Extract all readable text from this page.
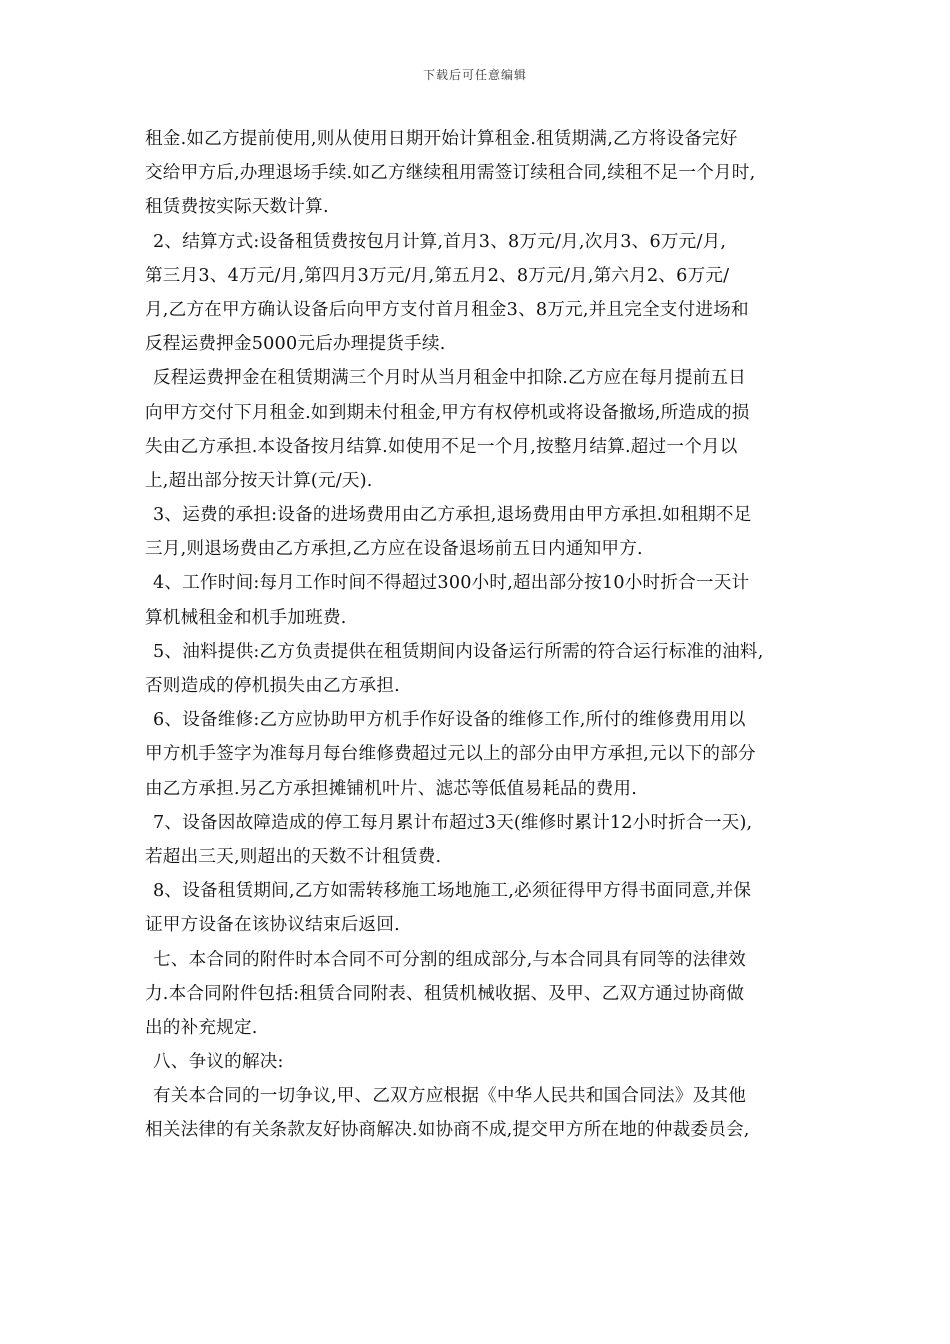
下载后可任意编辑
租金.如乙方提前使用,则从使用日期开始计算租金.租赁期满,乙方将设备完好
交给甲方后,办理退场手续.如乙方继续租用需签订续租合同,续租不足一个月时,
租赁费按实际天数计算.
2、结算方式:设备租赁费按包月计算,首月3、8万元/月,次月3、6万元/月,
第三月3、4万元/月,第四月3万元/月,第五月2、8万元/月,第六月2、6万元/
月,乙方在甲方确认设备后向甲方支付首月租金3、8万元,并且完全支付进场和
反程运费押金5000元后办理提货手续.
反程运费押金在租赁期满三个月时从当月租金中扣除.乙方应在每月提前五日
向甲方交付下月租金.如到期未付租金,甲方有权停机或将设备撤场,所造成的损
失由乙方承担.本设备按月结算.如使用不足一个月,按整月结算.超过一个月以
上,超出部分按天计算(元/天).
3、运费的承担:设备的进场费用由乙方承担,退场费用由甲方承担.如租期不足
三月,则退场费由乙方承担,乙方应在设备退场前五日内通知甲方.
4、工作时间:每月工作时间不得超过300小时,超出部分按10小时折合一天计
算机械租金和机手加班费.
5、油料提供:乙方负责提供在租赁期间内设备运行所需的符合运行标准的油料,
否则造成的停机损失由乙方承担.
6、设备维修:乙方应协助甲方机手作好设备的维修工作,所付的维修费用用以
甲方机手签字为准每月每台维修费超过元以上的部分由甲方承担,元以下的部分
由乙方承担.另乙方承担摊铺机叶片、滤芯等低值易耗品的费用.
7、设备因故障造成的停工每月累计布超过3天(维修时累计12小时折合一天),
若超出三天,则超出的天数不计租赁费.
8、设备租赁期间,乙方如需转移施工场地施工,必须征得甲方得书面同意,并保
证甲方设备在该协议结束后返回.
七、本合同的附件时本合同不可分割的组成部分,与本合同具有同等的法律效
力.本合同附件包括:租赁合同附表、租赁机械收据、及甲、乙双方通过协商做
出的补充规定.
八、争议的解决:
有关本合同的一切争议,甲、乙双方应根据《中华人民共和国合同法》及其他
相关法律的有关条款友好协商解决.如协商不成,提交甲方所在地的仲裁委员会,
